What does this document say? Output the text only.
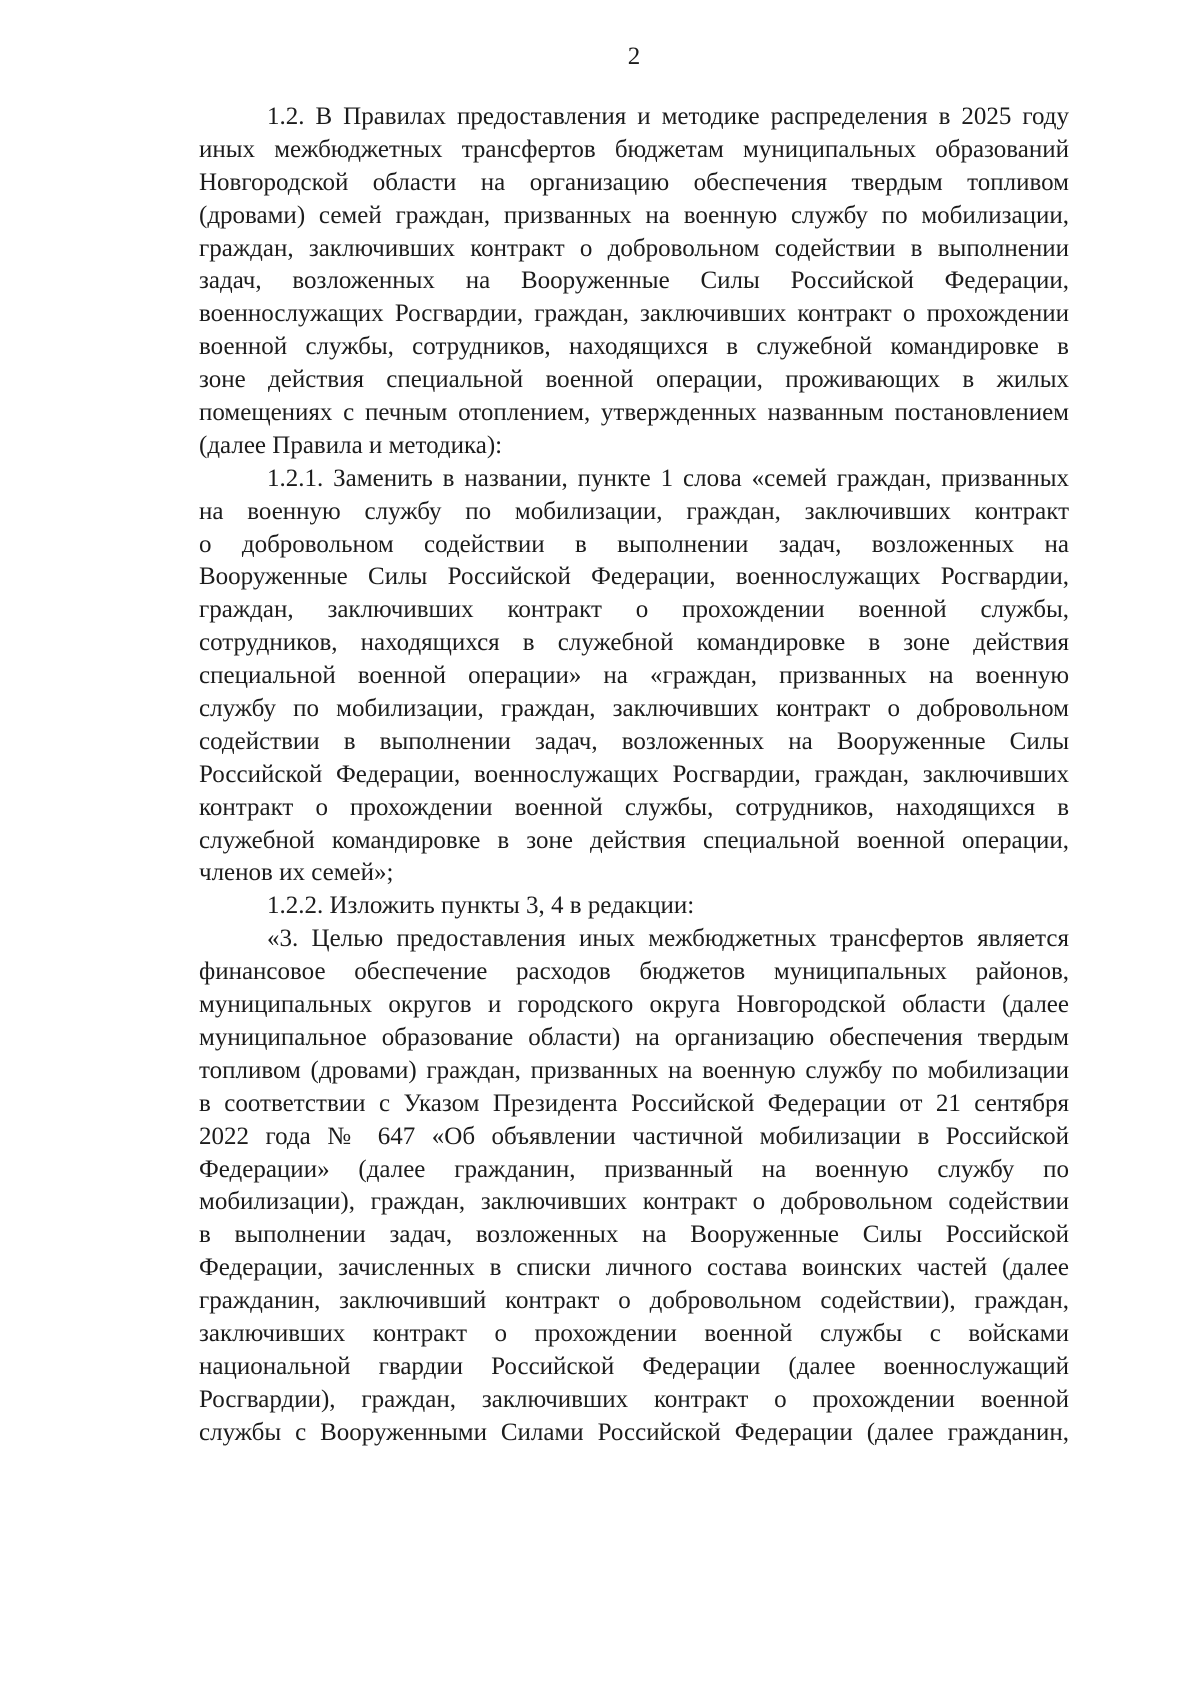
2
1.2. В Правилах предоставления и методике распределения в 2025 году
иных межбюджетных трансфертов бюджетам муниципальных образований
Новгородской области на организацию обеспечения твердым топливом
(дровами) семей граждан, призванных на военную службу по мобилизации,
граждан, заключивших контракт о добровольном содействии в выполнении
задач, возложенных на Вооруженные Силы Российской Федерации,
военнослужащих Росгвардии, граждан, заключивших контракт о прохождении
военной службы, сотрудников, находящихся в служебной командировке в
зоне действия специальной военной операции, проживающих в жилых
помещениях с печным отоплением, утвержденных названным постановлением
(далее Правила и методика):
1.2.1. Заменить в названии, пункте 1 слова «семей граждан, призванных
на военную службу по мобилизации, граждан, заключивших контракт
о добровольном содействии в выполнении задач, возложенных на
Вооруженные Силы Российской Федерации, военнослужащих Росгвардии,
граждан, заключивших контракт о прохождении военной службы,
сотрудников, находящихся в служебной командировке в зоне действия
специальной военной операции» на «граждан, призванных на военную
службу по мобилизации, граждан, заключивших контракт о добровольном
содействии в выполнении задач, возложенных на Вооруженные Силы
Российской Федерации, военнослужащих Росгвардии, граждан, заключивших
контракт о прохождении военной службы, сотрудников, находящихся в
служебной командировке в зоне действия специальной военной операции,
членов их семей»;
1.2.2. Изложить пункты 3, 4 в редакции:
«3. Целью предоставления иных межбюджетных трансфертов является
финансовое обеспечение расходов бюджетов муниципальных районов,
муниципальных округов и городского округа Новгородской области (далее
муниципальное образование области) на организацию обеспечения твердым
топливом (дровами) граждан, призванных на военную службу по мобилизации
в соответствии с Указом Президента Российской Федерации от 21 сентября
2022 года № 647 «Об объявлении частичной мобилизации в Российской
Федерации» (далее гражданин, призванный на военную службу по
мобилизации), граждан, заключивших контракт о добровольном содействии
в выполнении задач, возложенных на Вооруженные Силы Российской
Федерации, зачисленных в списки личного состава воинских частей (далее
гражданин, заключивший контракт о добровольном содействии), граждан,
заключивших контракт о прохождении военной службы с войсками
национальной гвардии Российской Федерации (далее военнослужащий
Росгвардии), граждан, заключивших контракт о прохождении военной
службы с Вооруженными Силами Российской Федерации (далее гражданин,
